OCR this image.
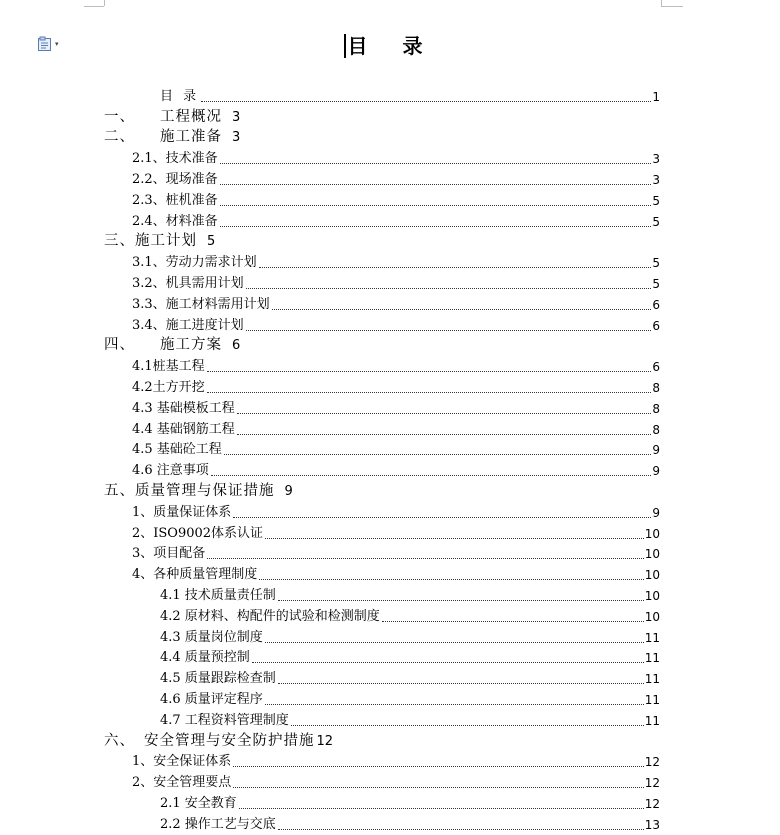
▾	目 录
目 录	1
一、 工程概况 3
二、 施工准备 3
2.1、技术准备	3
2.2、现场准备	3
2.3、桩机准备	5
2.4、材料准备	5
三、施工计划 5
3.1、劳动力需求计划	5
3.2、机具需用计划	5
3.3、施工材料需用计划	6
3.4、施工进度计划	6
四、 施工方案 6
4.1桩基工程	6
4.2土方开挖	8
4.3 基础模板工程	8
4.4 基础钢筋工程	8
4.5 基础砼工程	9
4.6 注意事项	9
五、质量管理与保证措施 9
1、质量保证体系	9
2、ISO9002体系认证	10
3、项目配备	10
4、各种质量管理制度	10
4.1 技术质量责任制	10
4.2 原材料、构配件的试验和检测制度	10
4.3 质量岗位制度	11
4.4 质量预控制	11
4.5 质量跟踪检查制	11
4.6 质量评定程序	11
4.7 工程资料管理制度	11
六、 安全管理与安全防护措施 12
1、安全保证体系	12
2、安全管理要点	12
2.1 安全教育	12
2.2 操作工艺与交底	13
